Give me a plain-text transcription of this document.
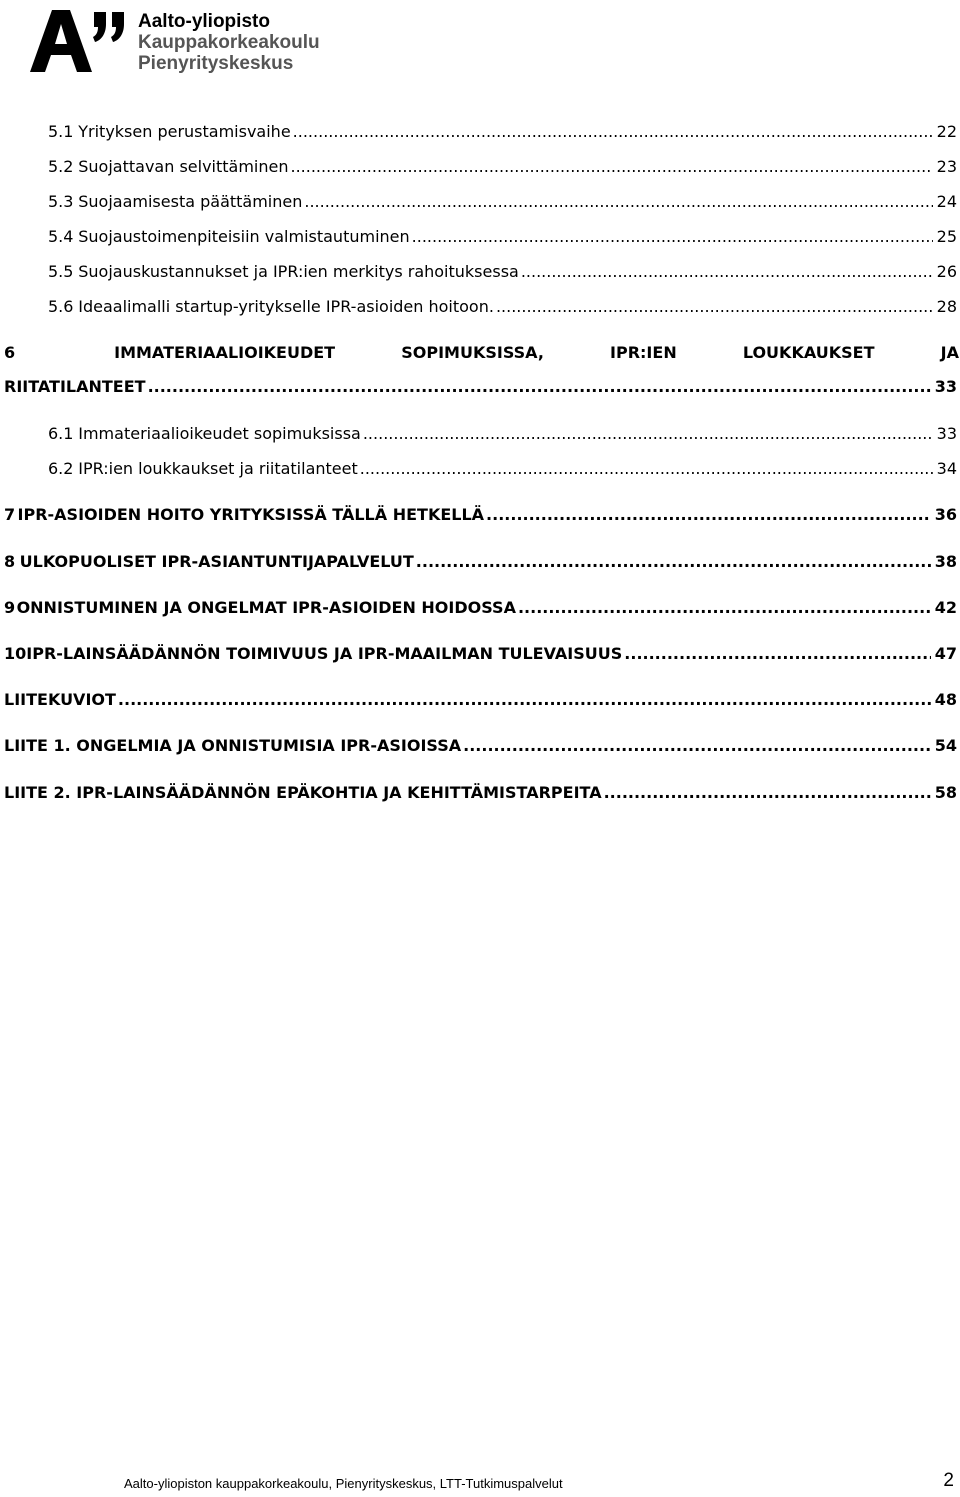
Aalto-yliopisto
Kauppakorkeakoulu
Pienyrityskeskus
5.1 Yrityksen perustamisvaihe .....	22
5.2 Suojattavan selvittäminen .....	23
5.3 Suojaamisesta päättäminen .....	24
5.4 Suojaustoimenpiteisiin valmistautuminen .....	25
5.5 Suojauskustannukset ja IPR:ien merkitys rahoituksessa .....	26
5.6 Ideaalimalli startup-yritykselle IPR-asioiden hoitoon. .....	28
6	IMMATERIAALIOIKEUDET	SOPIMUKSISSA,	IPR:IEN	LOUKKAUKSET	JA
RIITATILANTEET .....	33
6.1 Immateriaalioikeudet sopimuksissa .....	33
6.2 IPR:ien loukkaukset ja riitatilanteet .....	34
7 IPR-ASIOIDEN HOITO YRITYKSISSÄ TÄLLÄ HETKELLÄ .....	36
8 ULKOPUOLISET IPR-ASIANTUNTIJAPALVELUT .....	38
9 ONNISTUMINEN JA ONGELMAT IPR-ASIOIDEN HOIDOSSA .....	42
10 IPR-LAINSÄÄDÄNNÖN TOIMIVUUS JA IPR-MAAILMAN TULEVAISUUS .....	47
LIITEKUVIOT .....	48
LIITE 1. ONGELMIA JA ONNISTUMISIA IPR-ASIOISSA .....	54
LIITE 2. IPR-LAINSÄÄDÄNNÖN EPÄKOHTIA JA KEHITTÄMISTARPEITA .....	58
Aalto-yliopiston kauppakorkeakoulu, Pienyrityskeskus, LTT-Tutkimuspalvelut	2
